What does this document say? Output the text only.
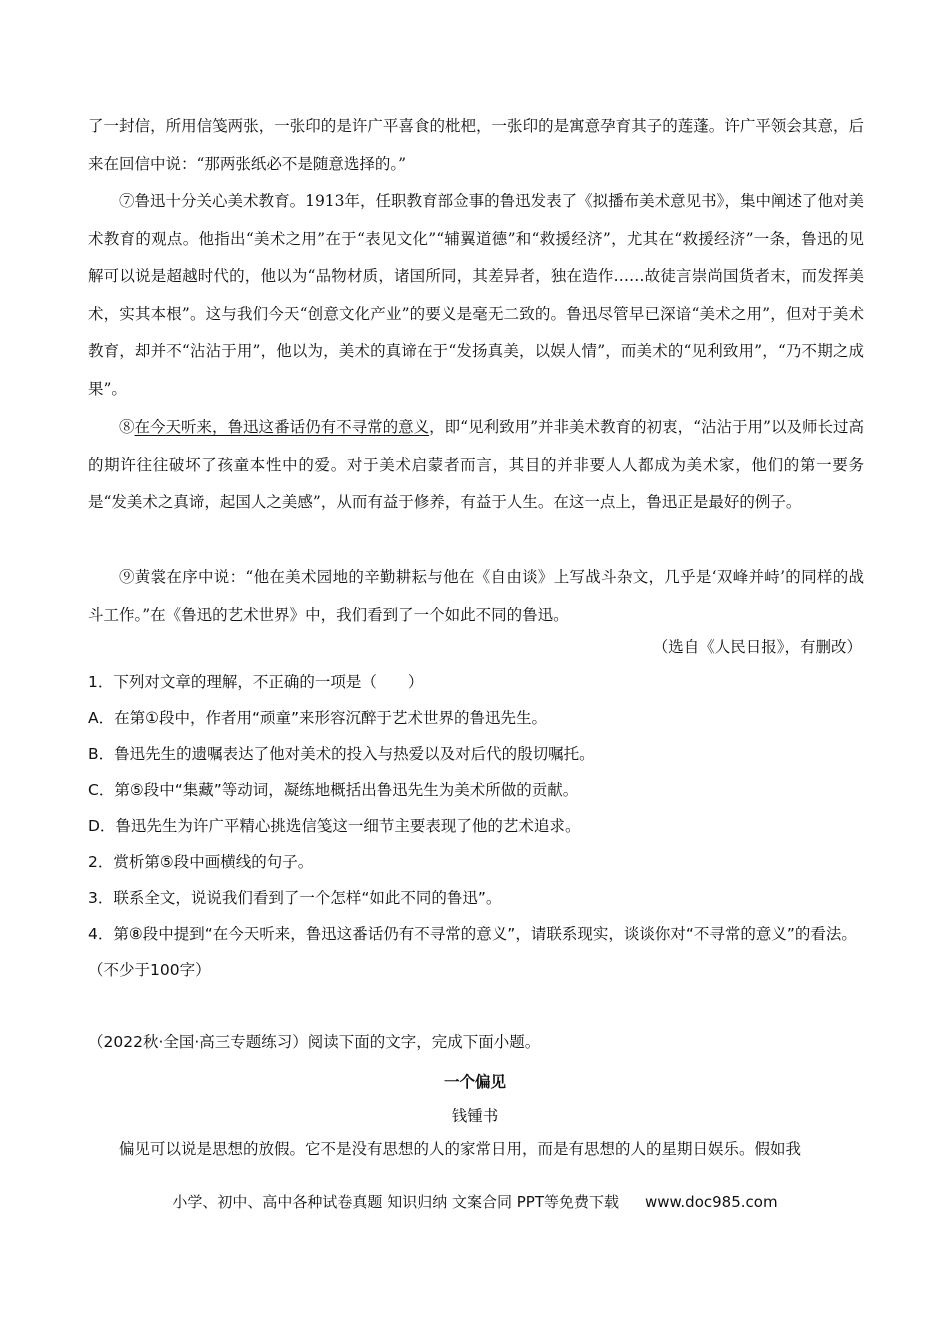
了一封信，所用信笺两张，一张印的是许广平喜食的枇杷，一张印的是寓意孕育其子的莲蓬。许广平领会其意，后来在回信中说：“那两张纸必不是随意选择的。”

⑦鲁迅十分关心美术教育。1913年，任职教育部佥事的鲁迅发表了《拟播布美术意见书》，集中阐述了他对美术教育的观点。他指出“美术之用”在于“表见文化”“辅翼道德”和“救援经济”，尤其在“救援经济”一条，鲁迅的见解可以说是超越时代的，他以为“品物材质，诸国所同，其差异者，独在造作……故徒言崇尚国货者末，而发挥美术，实其本根”。这与我们今天“创意文化产业”的要义是毫无二致的。鲁迅尽管早已深谙“美术之用”，但对于美术教育，却并不“沾沾于用”，他以为，美术的真谛在于“发扬真美，以娱人情”，而美术的“见利致用”，“乃不期之成果”。

⑧在今天听来，鲁迅这番话仍有不寻常的意义，即“见利致用”并非美术教育的初衷，“沾沾于用”以及师长过高的期许往往破坏了孩童本性中的爱。对于美术启蒙者而言，其目的并非要人人都成为美术家，他们的第一要务是“发美术之真谛，起国人之美感”，从而有益于修养，有益于人生。在这一点上，鲁迅正是最好的例子。

⑨黄裳在序中说：“他在美术园地的辛勤耕耘与他在《自由谈》上写战斗杂文，几乎是‘双峰并峙’的同样的战斗工作。”在《鲁迅的艺术世界》中，我们看到了一个如此不同的鲁迅。

（选自《人民日报》，有删改）

1．下列对文章的理解，不正确的一项是（　　）

A．在第①段中，作者用“顽童”来形容沉醉于艺术世界的鲁迅先生。

B．鲁迅先生的遗嘱表达了他对美术的投入与热爱以及对后代的殷切嘱托。

C．第⑤段中“集藏”等动词，凝练地概括出鲁迅先生为美术所做的贡献。

D．鲁迅先生为许广平精心挑选信笺这一细节主要表现了他的艺术追求。

2．赏析第⑤段中画横线的句子。

3．联系全文，说说我们看到了一个怎样“如此不同的鲁迅”。

4．第⑧段中提到“在今天听来，鲁迅这番话仍有不寻常的意义”，请联系现实，谈谈你对“不寻常的意义”的看法。（不少于100字）

（2022秋·全国·高三专题练习）阅读下面的文字，完成下面小题。

一个偏见
钱锺书

偏见可以说是思想的放假。它不是没有思想的人的家常日用，而是有思想的人的星期日娱乐。假如我

小学、初中、高中各种试卷真题 知识归纳 文案合同 PPT等免费下载 www.doc985.com
